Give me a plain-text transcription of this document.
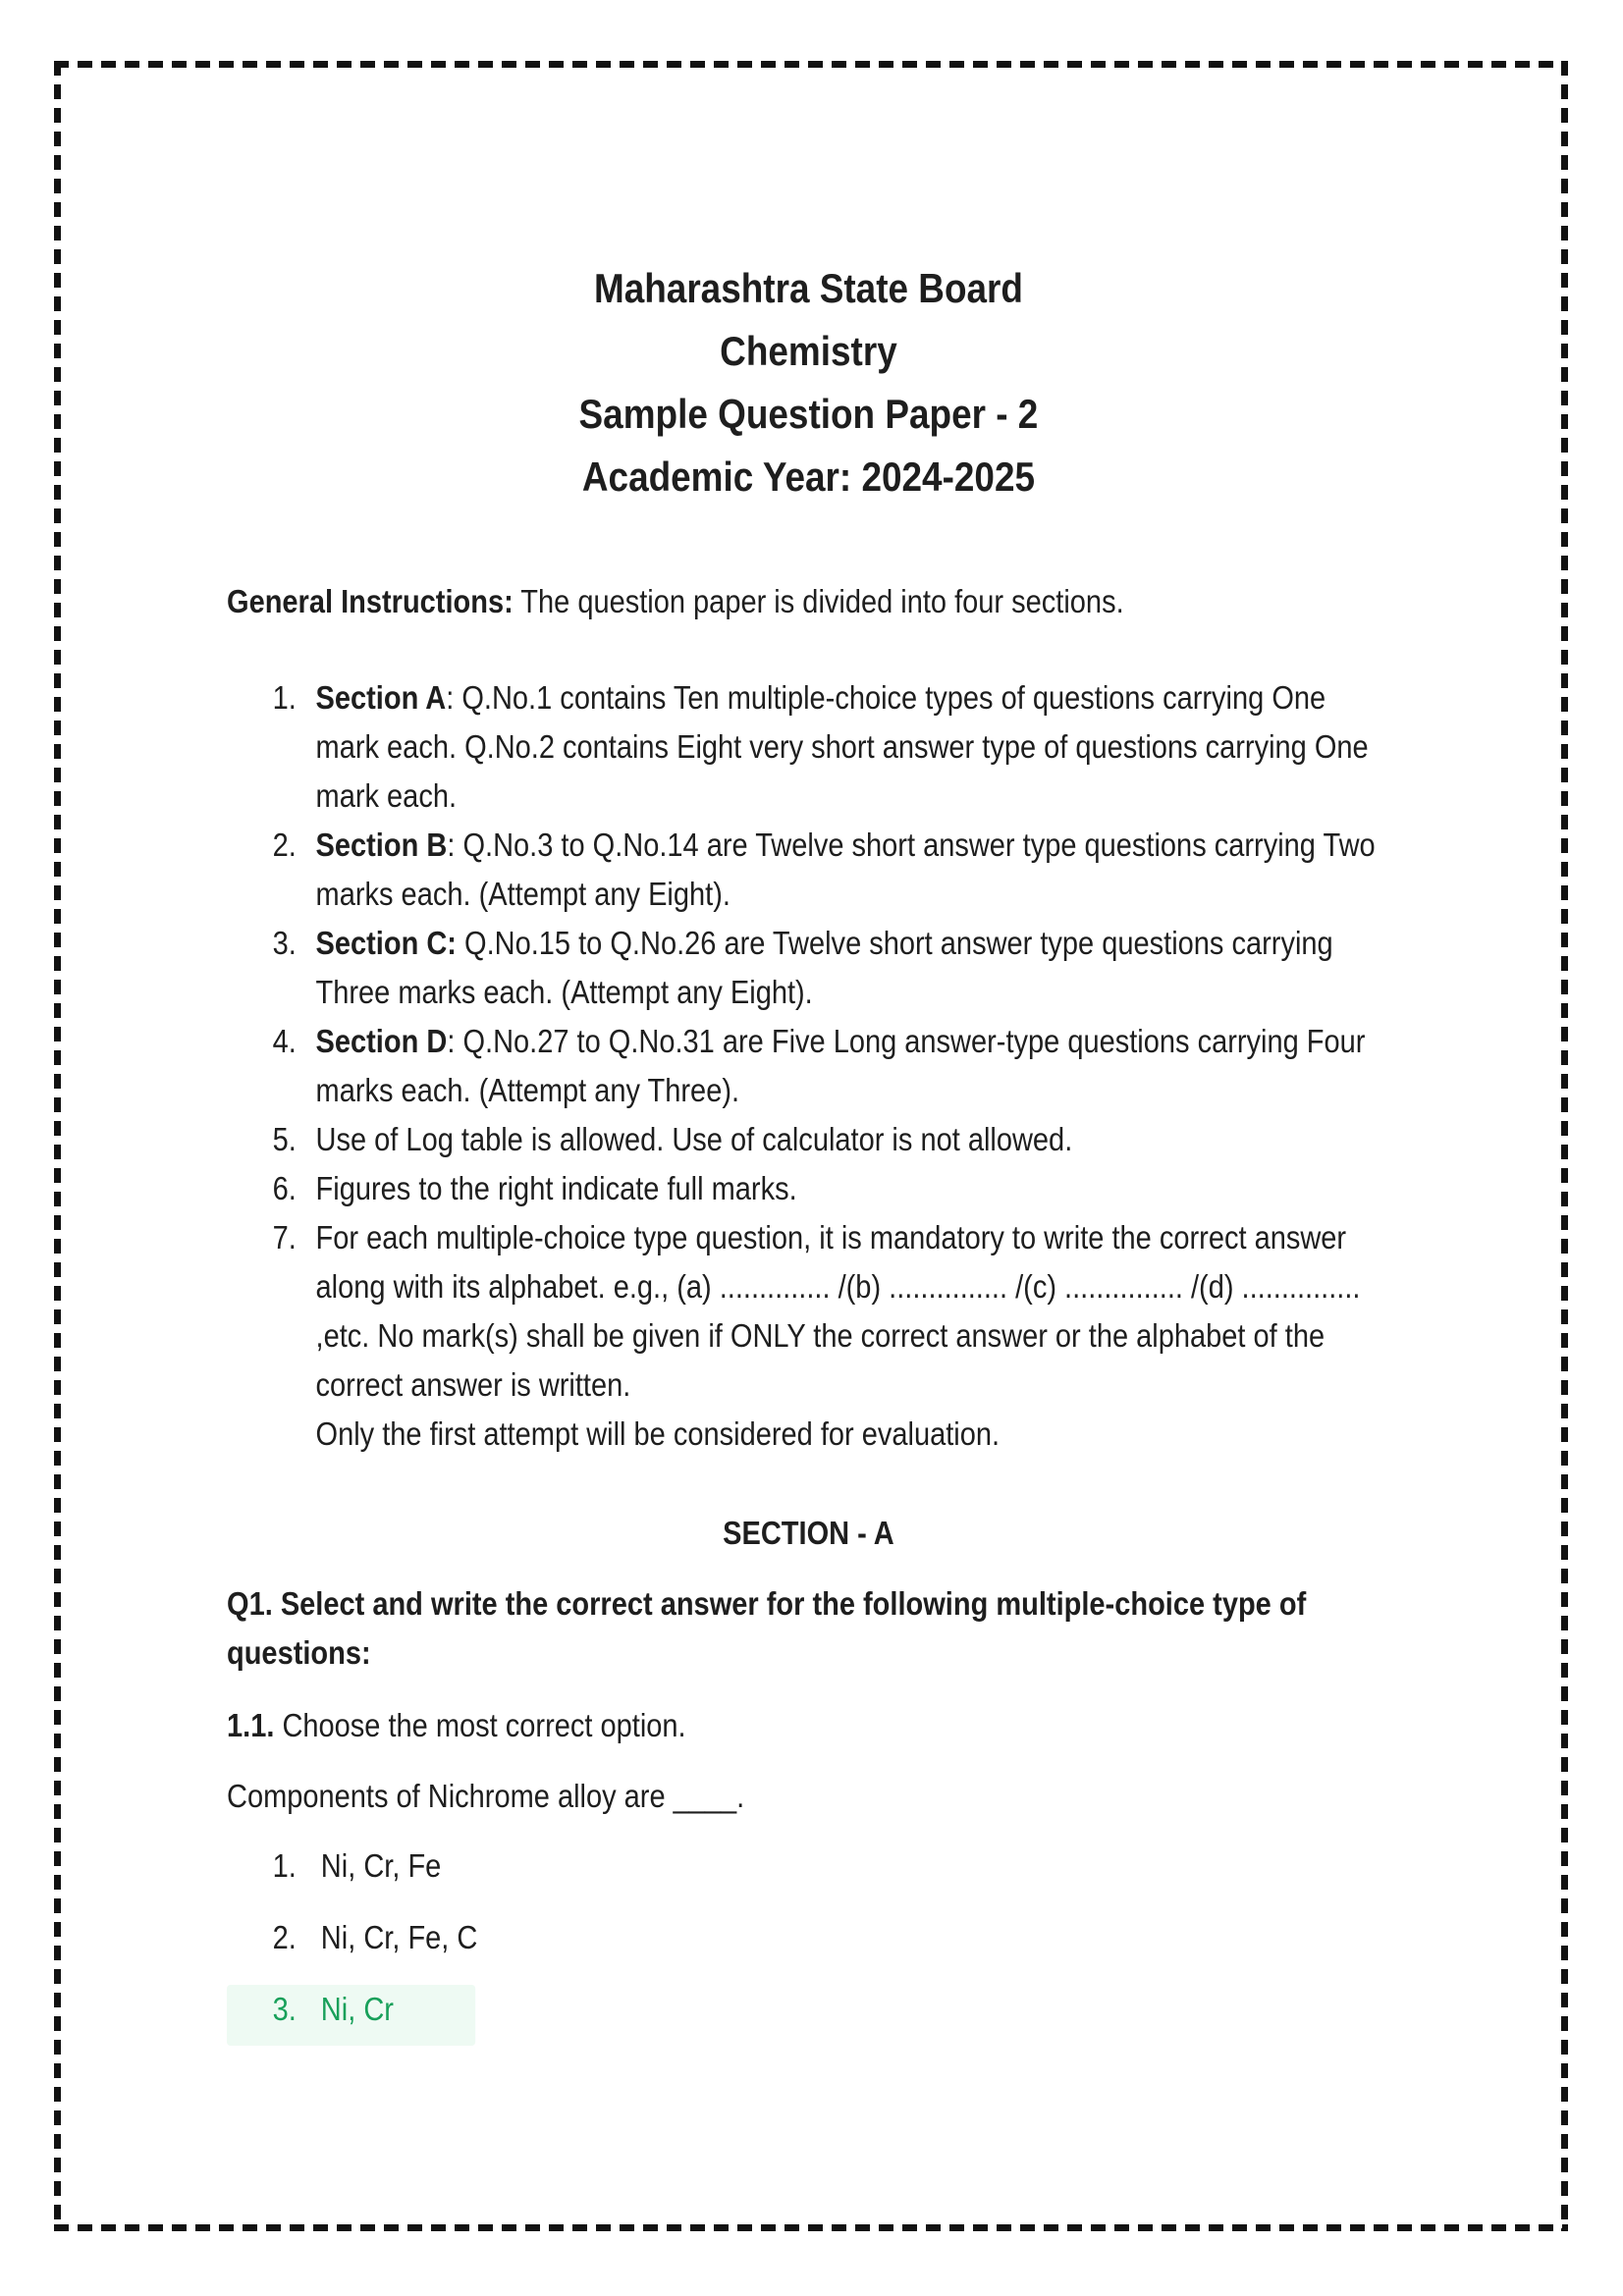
Maharashtra State Board
Chemistry
Sample Question Paper - 2
Academic Year: 2024-2025
General Instructions: The question paper is divided into four sections.
1. Section A: Q.No.1 contains Ten multiple-choice types of questions carrying One mark each. Q.No.2 contains Eight very short answer type of questions carrying One mark each.
2. Section B: Q.No.3 to Q.No.14 are Twelve short answer type questions carrying Two marks each. (Attempt any Eight).
3. Section C: Q.No.15 to Q.No.26 are Twelve short answer type questions carrying Three marks each. (Attempt any Eight).
4. Section D: Q.No.27 to Q.No.31 are Five Long answer-type questions carrying Four marks each. (Attempt any Three).
5. Use of Log table is allowed. Use of calculator is not allowed.
6. Figures to the right indicate full marks.
7. For each multiple-choice type question, it is mandatory to write the correct answer along with its alphabet. e.g., (a) .............. /(b) ............... /(c) ............... /(d) ............... ,etc. No mark(s) shall be given if ONLY the correct answer or the alphabet of the correct answer is written.
Only the first attempt will be considered for evaluation.
SECTION - A
Q1. Select and write the correct answer for the following multiple-choice type of questions:
1.1. Choose the most correct option.
Components of Nichrome alloy are ____.
1. Ni, Cr, Fe
2. Ni, Cr, Fe, C
3. Ni, Cr
